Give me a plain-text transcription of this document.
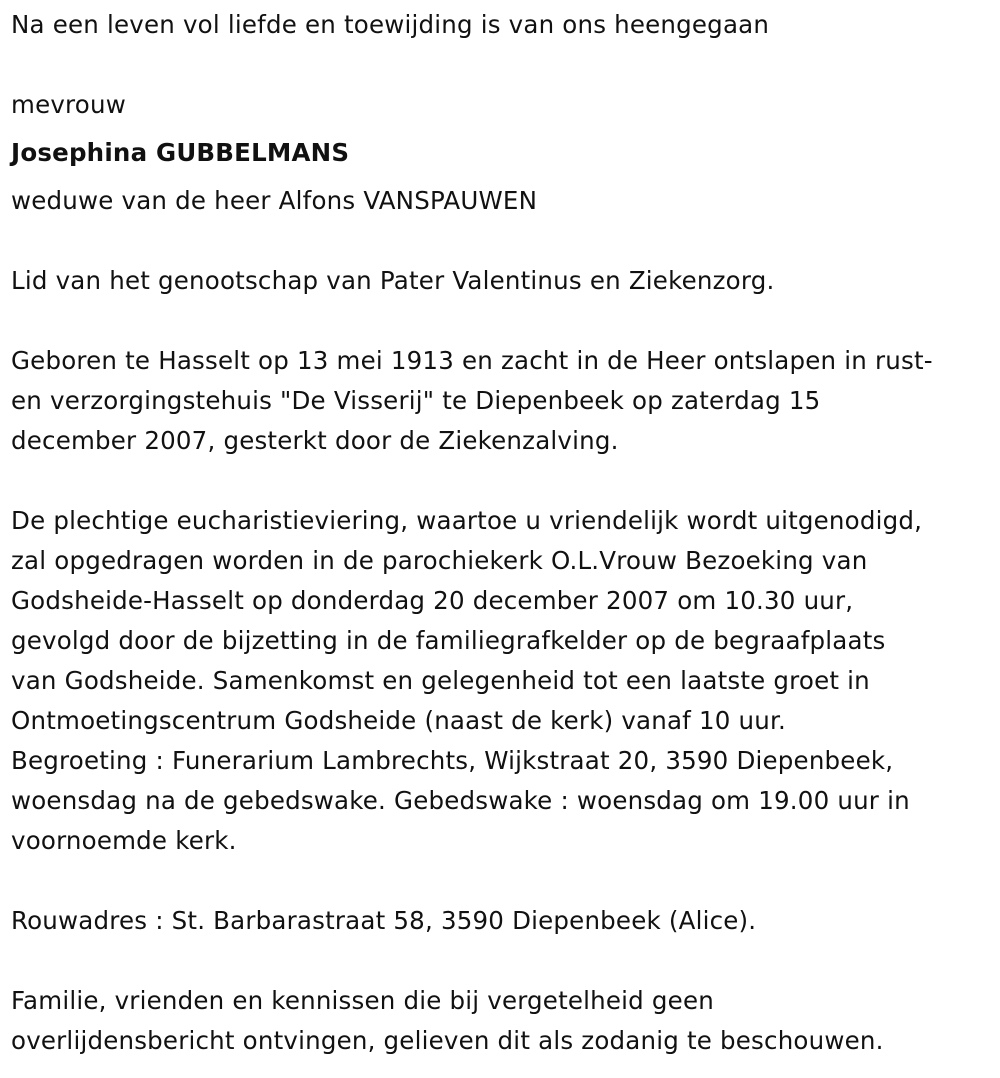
Na een leven vol liefde en toewijding is van ons heengegaan
mevrouw
Josephina GUBBELMANS
weduwe van de heer Alfons VANSPAUWEN
Lid van het genootschap van Pater Valentinus en Ziekenzorg.
Geboren te Hasselt op 13 mei 1913 en zacht in de Heer ontslapen in rust-
en verzorgingstehuis "De Visserij" te Diepenbeek op zaterdag 15
december 2007, gesterkt door de Ziekenzalving.
De plechtige eucharistieviering, waartoe u vriendelijk wordt uitgenodigd,
zal opgedragen worden in de parochiekerk O.L.Vrouw Bezoeking van
Godsheide-Hasselt op donderdag 20 december 2007 om 10.30 uur,
gevolgd door de bijzetting in de familiegrafkelder op de begraafplaats
van Godsheide. Samenkomst en gelegenheid tot een laatste groet in
Ontmoetingscentrum Godsheide (naast de kerk) vanaf 10 uur.
Begroeting : Funerarium Lambrechts, Wijkstraat 20, 3590 Diepenbeek,
woensdag na de gebedswake. Gebedswake : woensdag om 19.00 uur in
voornoemde kerk.
Rouwadres : St. Barbarastraat 58, 3590 Diepenbeek (Alice).
Familie, vrienden en kennissen die bij vergetelheid geen
overlijdensbericht ontvingen, gelieven dit als zodanig te beschouwen.
